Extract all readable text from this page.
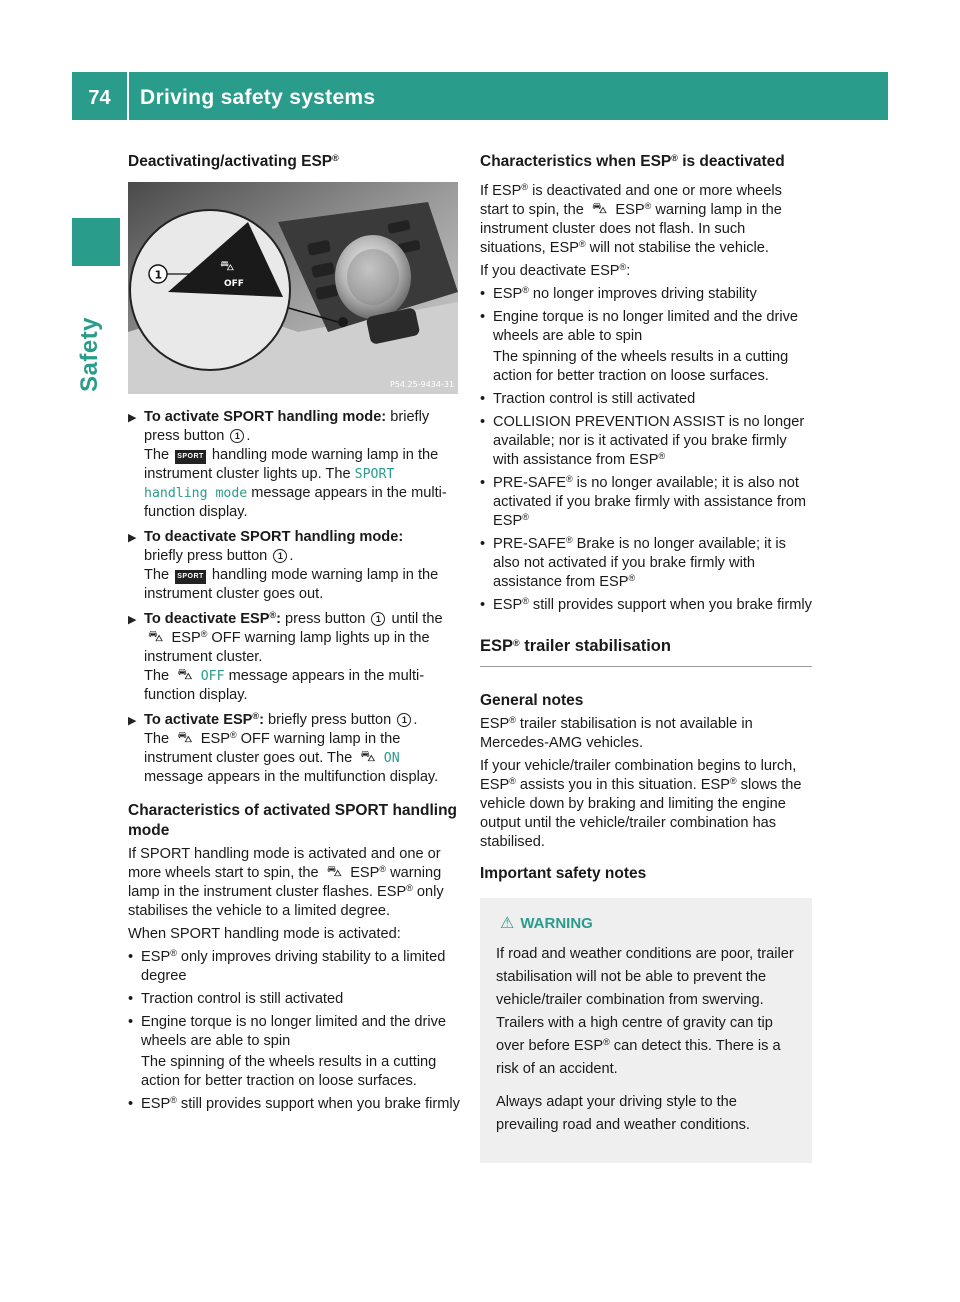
74	Driving safety systems
Safety
Deactivating/activating ESP®
⛍
OFF
1
P54.25-9434-31
▶ To activate SPORT handling mode: briefly press button 1 .
The SPORT handling mode warning lamp in the instrument cluster lights up. The SPORT handling mode message appears in the multi-function display.
▶ To deactivate SPORT handling mode:
briefly press button 1 .
The SPORT handling mode warning lamp in the instrument cluster goes out.
▶ To deactivate ESP®: press button 1 until the ⛍ ESP® OFF warning lamp lights up in the instrument cluster.
The ⛍ OFF message appears in the multi-function display.
▶ To activate ESP®: briefly press button 1 .
The ⛍ ESP® OFF warning lamp in the instrument cluster goes out. The ⛍ ON message appears in the multifunction display.
Characteristics of activated SPORT handling mode

If SPORT handling mode is activated and one or more wheels start to spin, the ⛍ ESP® warning lamp in the instrument cluster flashes. ESP® only stabilises the vehicle to a limited degree.

When SPORT handling mode is activated:

• ESP® only improves driving stability to a limited degree
• Traction control is still activated
• Engine torque is no longer limited and the drive wheels are able to spin
The spinning of the wheels results in a cutting action for better traction on loose surfaces.
• ESP® still provides support when you brake firmly
Characteristics when ESP® is deactivated

If ESP® is deactivated and one or more wheels start to spin, the ⛍ ESP® warning lamp in the instrument cluster does not flash. In such situations, ESP® will not stabilise the vehicle.

If you deactivate ESP®:

• ESP® no longer improves driving stability
• Engine torque is no longer limited and the drive wheels are able to spin
The spinning of the wheels results in a cutting action for better traction on loose surfaces.
• Traction control is still activated
• COLLISION PREVENTION ASSIST is no longer available; nor is it activated if you brake firmly with assistance from ESP®
• PRE-SAFE® is no longer available; it is also not activated if you brake firmly with assistance from ESP®
• PRE-SAFE® Brake is no longer available; it is also not activated if you brake firmly with assistance from ESP®
• ESP® still provides support when you brake firmly
ESP® trailer stabilisation
General notes

ESP® trailer stabilisation is not available in Mercedes-AMG vehicles.

If your vehicle/trailer combination begins to lurch, ESP® assists you in this situation. ESP® slows the vehicle down by braking and limiting the engine output until the vehicle/trailer combination has stabilised.

Important safety notes
⚠ WARNING

If road and weather conditions are poor, trailer stabilisation will not be able to prevent the vehicle/trailer combination from swerving. Trailers with a high centre of gravity can tip over before ESP® can detect this. There is a risk of an accident.

Always adapt your driving style to the prevailing road and weather conditions.
